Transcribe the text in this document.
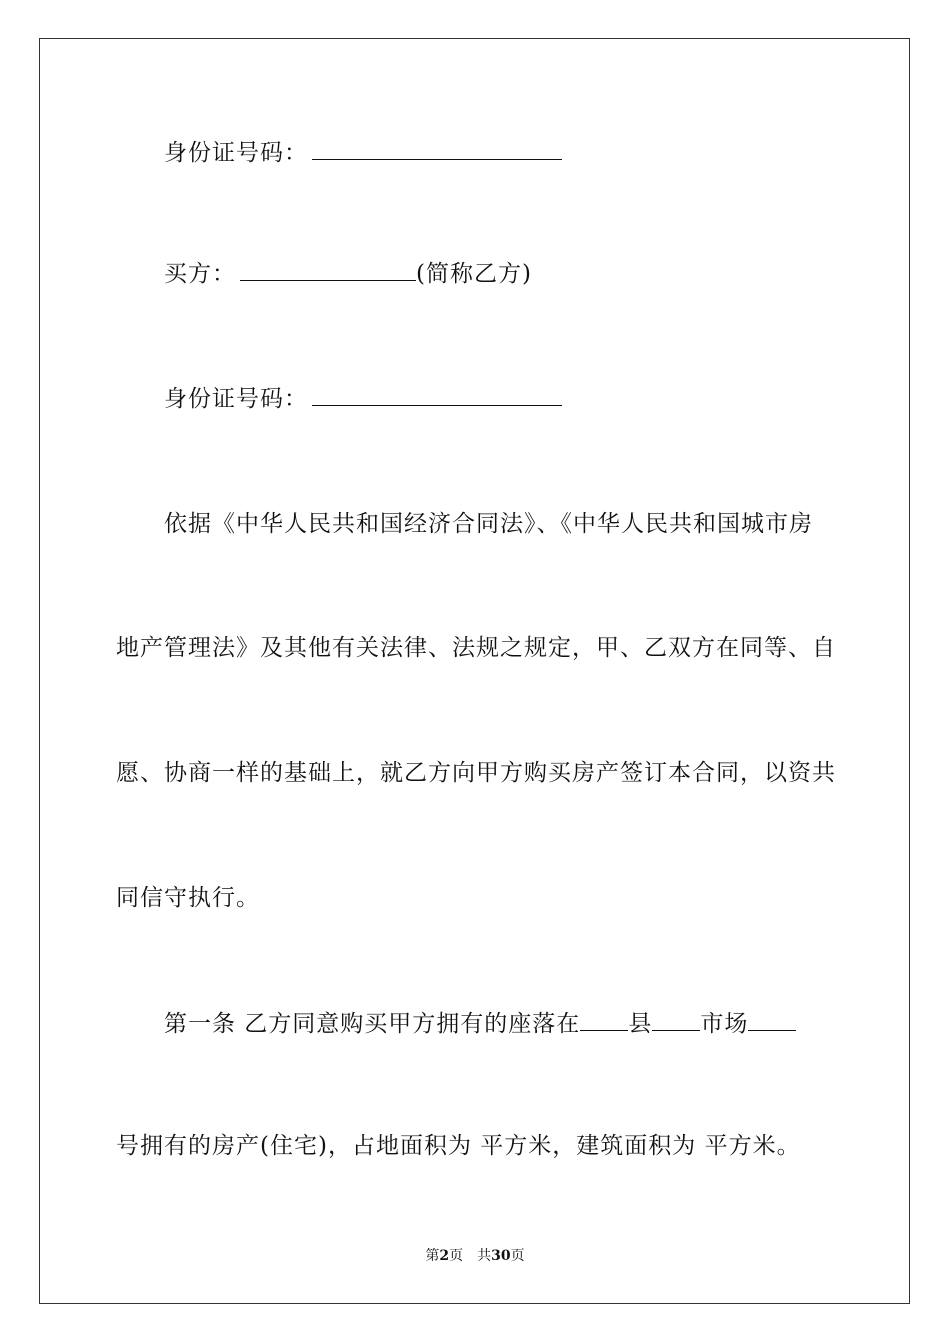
身份证号码：
买方：	(简称乙方)
身份证号码：
依据《中华人民共和国经济合同法》、《中华人民共和国城市房
地产管理法》及其他有关法律、法规之规定，甲、乙双方在同等、自
愿、协商一样的基础上，就乙方向甲方购买房产签订本合同，以资共
同信守执行。
第一条 乙方同意购买甲方拥有的座落在 县 市场
号拥有的房产(住宅)，占地面积为 平方米，建筑面积为 平方米。
第2页 共30页
